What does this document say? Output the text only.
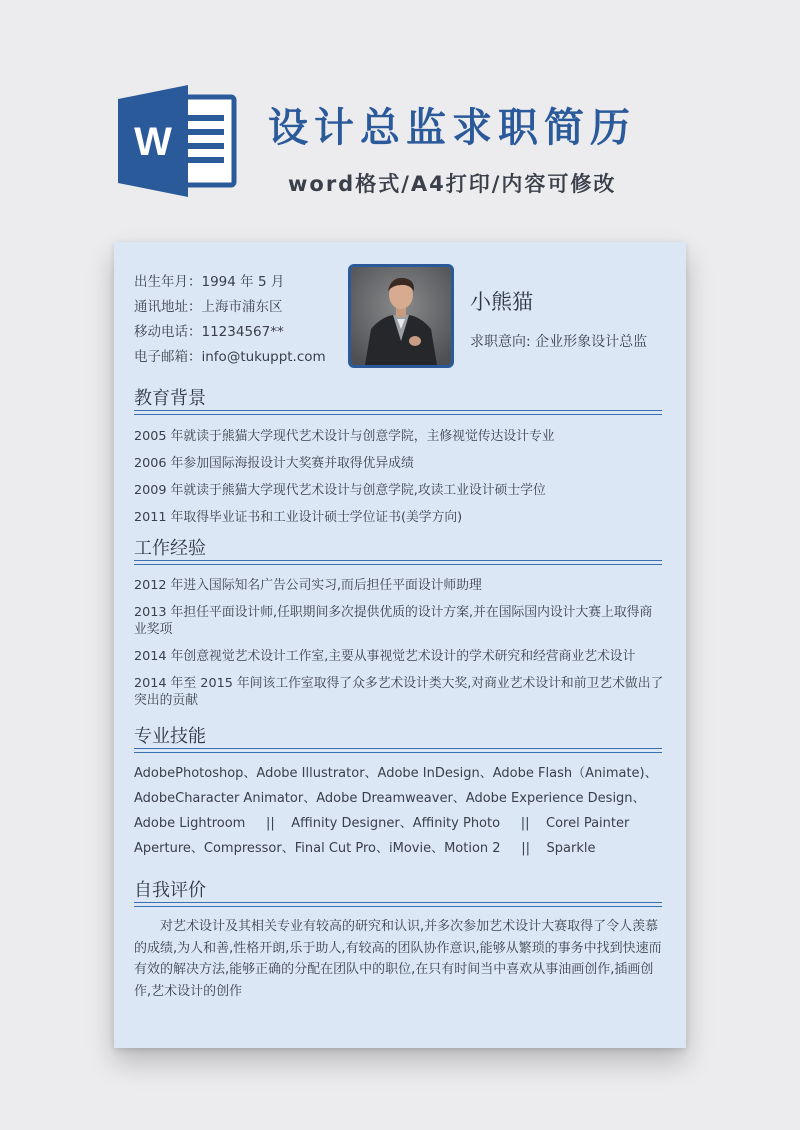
W 设计总监求职简历
word格式/A4打印/内容可修改
出生年月：1994 年 5 月
通讯地址：上海市浦东区
移动电话：11234567**
电子邮箱：info@tukuppt.com
小熊猫
求职意向: 企业形象设计总监
教育背景
2005 年就读于熊猫大学现代艺术设计与创意学院，主修视觉传达设计专业
2006 年参加国际海报设计大奖赛并取得优异成绩
2009 年就读于熊猫大学现代艺术设计与创意学院,攻读工业设计硕士学位
2011 年取得毕业证书和工业设计硕士学位证书(美学方向)
工作经验
2012 年进入国际知名广告公司实习,而后担任平面设计师助理
2013 年担任平面设计师,任职期间多次提供优质的设计方案,并在国际国内设计大赛上取得商业奖项
2014 年创意视觉艺术设计工作室,主要从事视觉艺术设计的学术研究和经营商业艺术设计
2014 年至 2015 年间该工作室取得了众多艺术设计类大奖,对商业艺术设计和前卫艺术做出了突出的贡献
专业技能
AdobePhotoshop、Adobe Illustrator、Adobe InDesign、Adobe Flash（Animate)、
AdobeCharacter Animator、Adobe Dreamweaver、Adobe Experience Design、
Adobe Lightroom     ||    Affinity Designer、Affinity Photo     ||    Corel Painter
Aperture、Compressor、Final Cut Pro、iMovie、Motion 2     ||    Sparkle
自我评价
对艺术设计及其相关专业有较高的研究和认识,并多次参加艺术设计大赛取得了令人羡慕的成绩,为人和善,性格开朗,乐于助人,有较高的团队协作意识,能够从繁琐的事务中找到快速而有效的解决方法,能够正确的分配在团队中的职位,在只有时间当中喜欢从事油画创作,插画创作,艺术设计的创作
